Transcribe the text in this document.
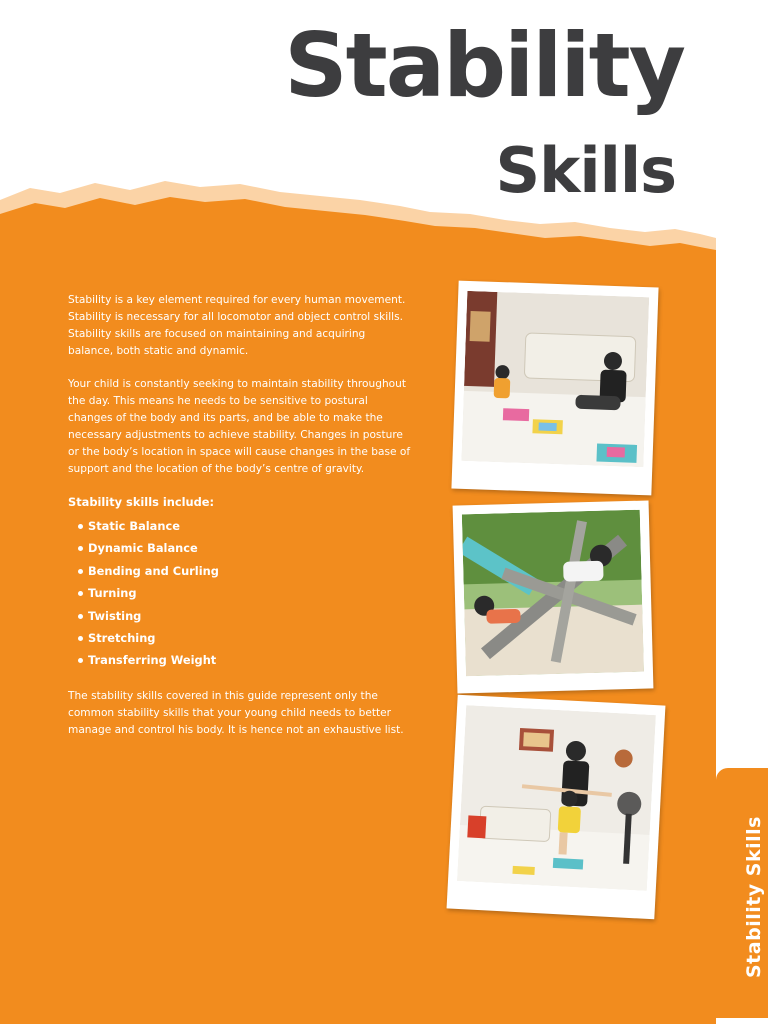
Stability
Skills

Stability is a key element required for every human movement. Stability is necessary for all locomotor and object control skills. Stability skills are focused on maintaining and acquiring balance, both static and dynamic.

Your child is constantly seeking to maintain stability throughout the day. This means he needs to be sensitive to postural changes of the body and its parts, and be able to make the necessary adjustments to achieve stability. Changes in posture or the body’s location in space will cause changes in the base of support and the location of the body’s centre of gravity.

Stability skills include:
Static Balance
Dynamic Balance
Bending and Curling
Turning
Twisting
Stretching
Transferring Weight

The stability skills covered in this guide represent only the common stability skills that your young child needs to better manage and control his body. It is hence not an exhaustive list.

Stability Skills
